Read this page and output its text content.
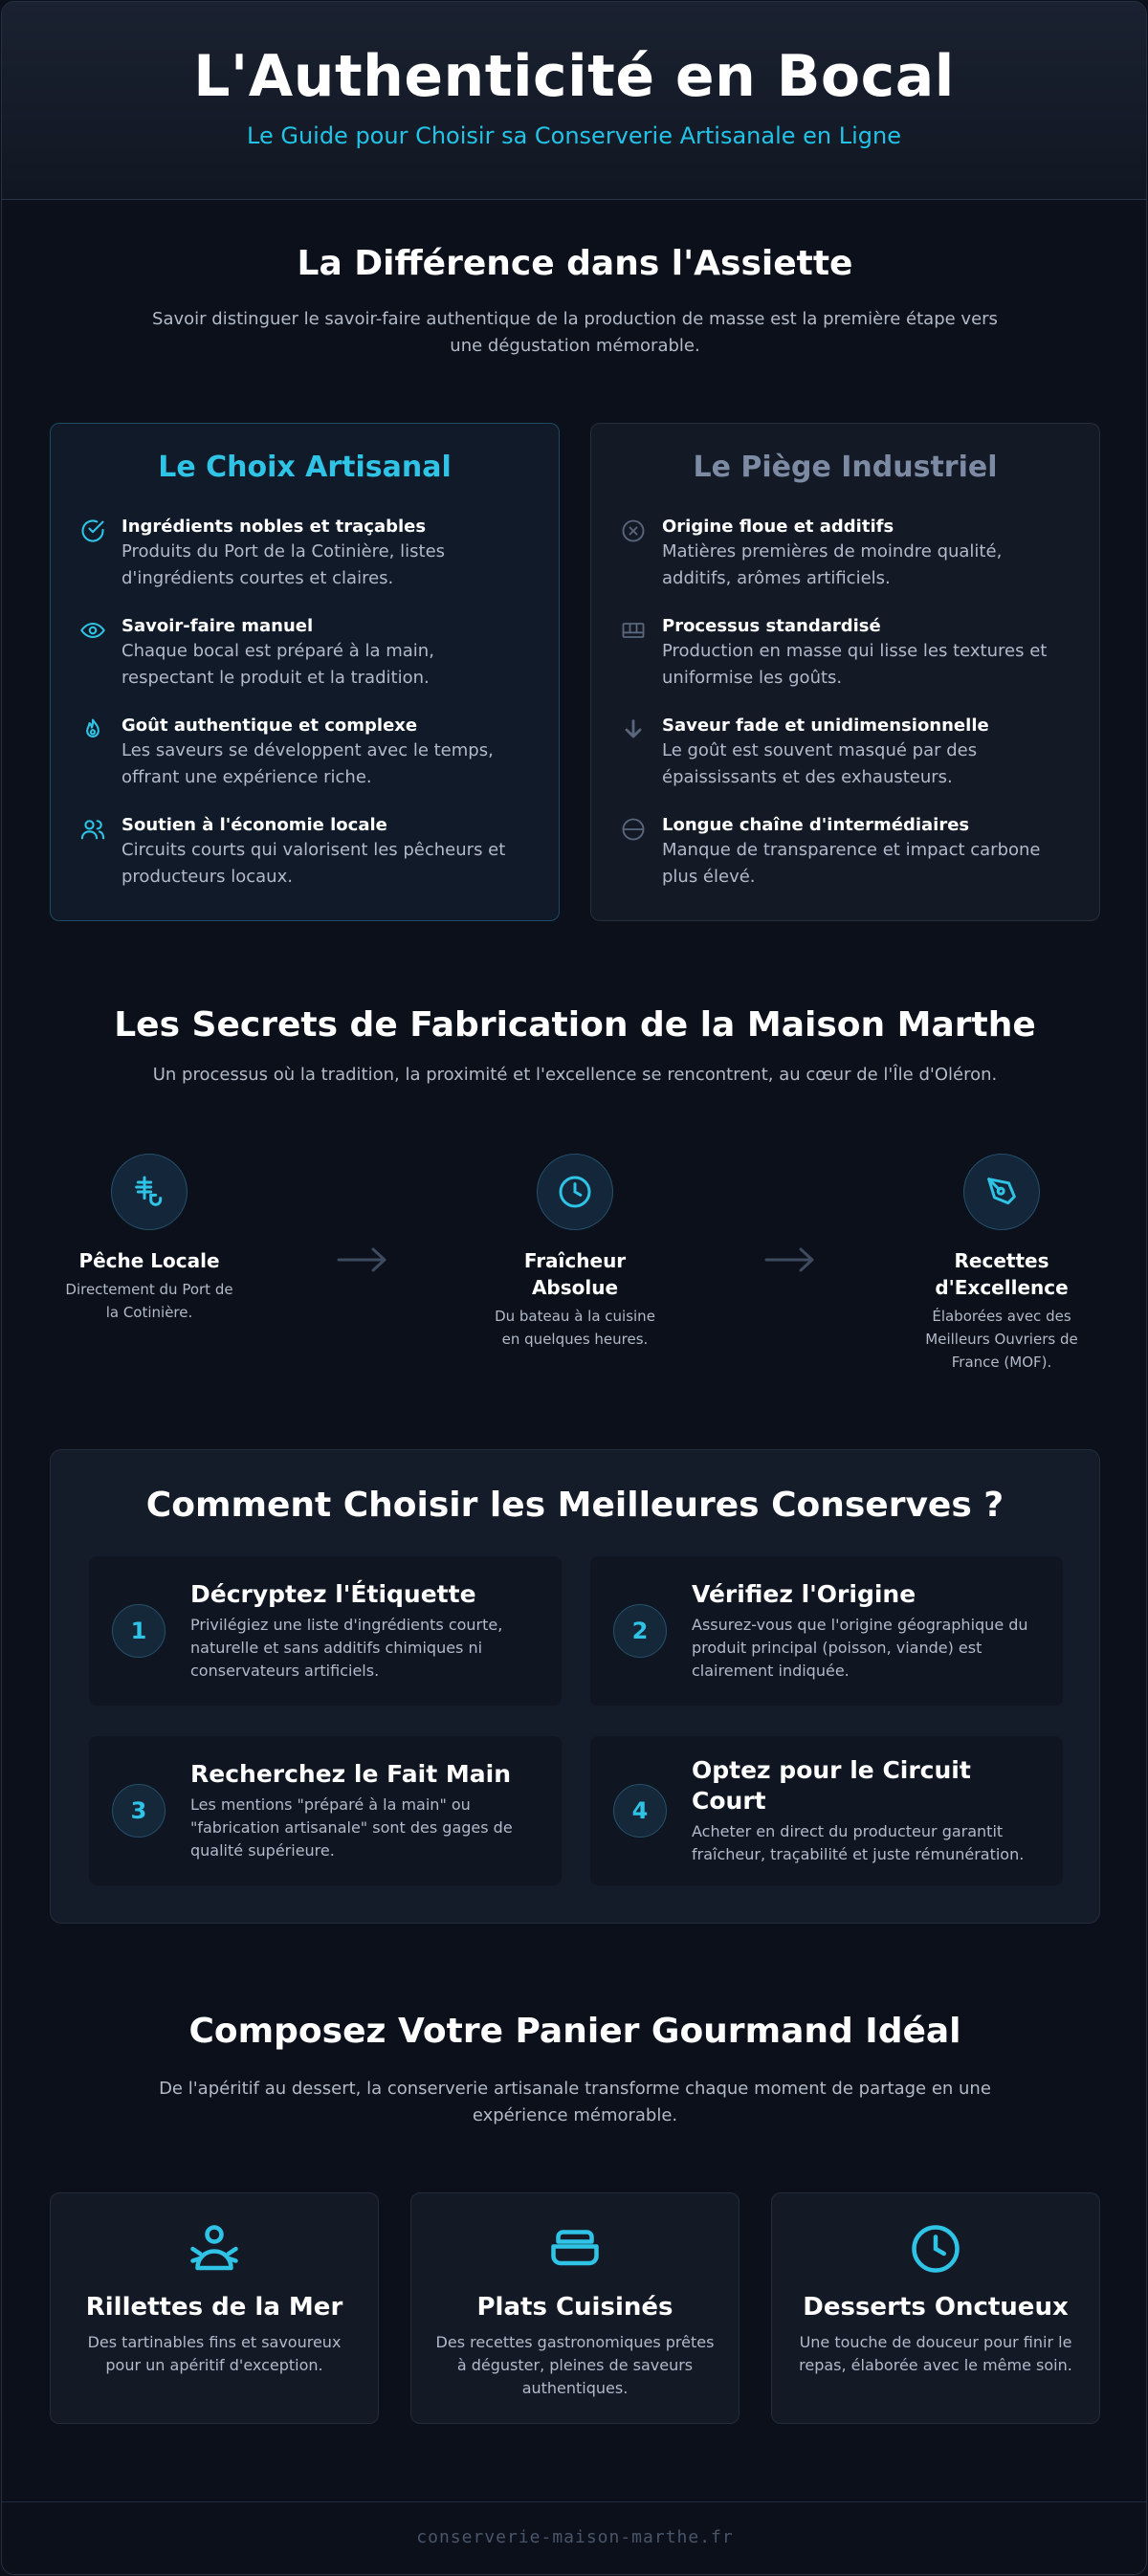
L'Authenticité en Bocal

Le Guide pour Choisir sa Conserverie Artisanale en Ligne

La Différence dans l'Assiette

Savoir distinguer le savoir-faire authentique de la production de masse est la première étape vers une dégustation mémorable.

Le Choix Artisanal
Ingrédients nobles et traçables
Produits du Port de la Cotinière, listes d'ingrédients courtes et claires.
Savoir-faire manuel
Chaque bocal est préparé à la main, respectant le produit et la tradition.
Goût authentique et complexe
Les saveurs se développent avec le temps, offrant une expérience riche.
Soutien à l'économie locale
Circuits courts qui valorisent les pêcheurs et producteurs locaux.
Le Piège Industriel
Origine floue et additifs
Matières premières de moindre qualité, additifs, arômes artificiels.
Processus standardisé
Production en masse qui lisse les textures et uniformise les goûts.
Saveur fade et unidimensionnelle
Le goût est souvent masqué par des épaississants et des exhausteurs.
Longue chaîne d'intermédiaires
Manque de transparence et impact carbone plus élevé.
Les Secrets de Fabrication de la Maison Marthe

Un processus où la tradition, la proximité et l'excellence se rencontrent, au cœur de l'Île d'Oléron.

Pêche Locale
Directement du Port de la Cotinière.
Fraîcheur Absolue
Du bateau à la cuisine en quelques heures.
Recettes d'Excellence
Élaborées avec des Meilleurs Ouvriers de France (MOF).
Comment Choisir les Meilleures Conserves ?
1
Décryptez l'Étiquette
Privilégiez une liste d'ingrédients courte, naturelle et sans additifs chimiques ni conservateurs artificiels.
2
Vérifiez l'Origine
Assurez-vous que l'origine géographique du produit principal (poisson, viande) est clairement indiquée.
3
Recherchez le Fait Main
Les mentions "préparé à la main" ou "fabrication artisanale" sont des gages de qualité supérieure.
4
Optez pour le Circuit Court
Acheter en direct du producteur garantit fraîcheur, traçabilité et juste rémunération.
Composez Votre Panier Gourmand Idéal

De l'apéritif au dessert, la conserverie artisanale transforme chaque moment de partage en une expérience mémorable.

Rillettes de la Mer
Des tartinables fins et savoureux pour un apéritif d'exception.
Plats Cuisinés
Des recettes gastronomiques prêtes à déguster, pleines de saveurs authentiques.
Desserts Onctueux
Une touche de douceur pour finir le repas, élaborée avec le même soin.
conserverie-maison-marthe.fr
